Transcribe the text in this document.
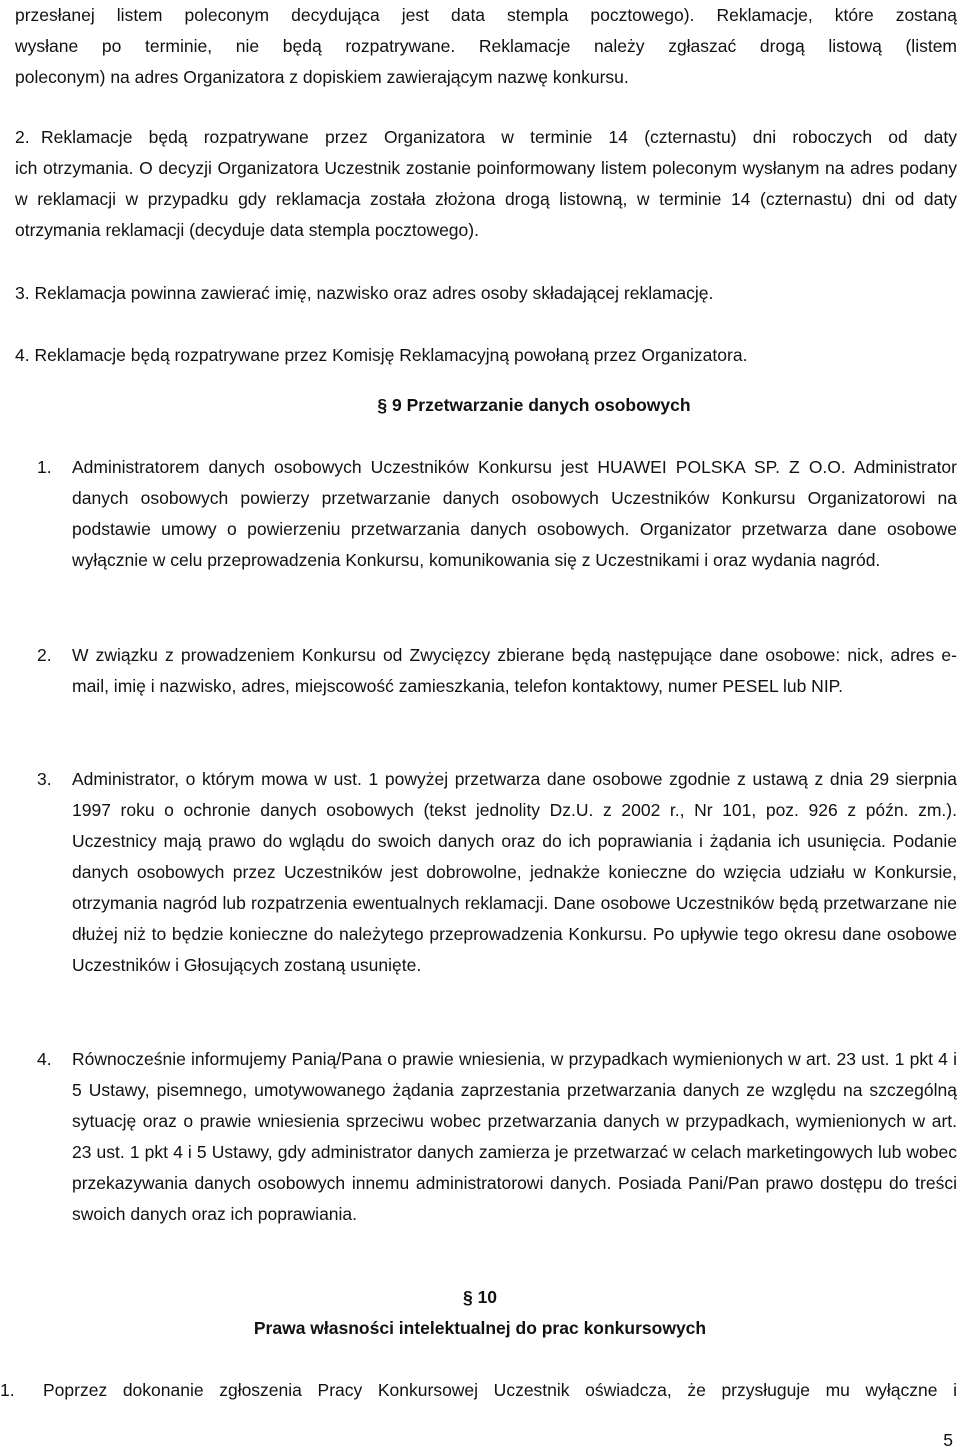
przesłanej listem poleconym decydująca jest data stempla pocztowego). Reklamacje, które zostaną

wysłane po terminie, nie będą rozpatrywane. Reklamacje należy zgłaszać drogą listową (listem

poleconym) na adres Organizatora z dopiskiem zawierającym nazwę konkursu.

2. Reklamacje będą rozpatrywane przez Organizatora w terminie 14 (czternastu) dni roboczych od daty

ich otrzymania. O decyzji Organizatora Uczestnik zostanie poinformowany listem poleconym wysłanym na adres podany w reklamacji w przypadku gdy reklamacja została złożona drogą listowną, w terminie 14 (czternastu) dni od daty otrzymania reklamacji (decyduje data stempla pocztowego).

3. Reklamacja powinna zawierać imię, nazwisko oraz adres osoby składającej reklamację.

4. Reklamacje będą rozpatrywane przez Komisję Reklamacyjną powołaną przez Organizatora.

§ 9 Przetwarzanie danych osobowych

1. Administratorem danych osobowych Uczestników Konkursu jest HUAWEI POLSKA SP. Z O.O. Administrator danych osobowych powierzy przetwarzanie danych osobowych Uczestników Konkursu Organizatorowi na podstawie umowy o powierzeniu przetwarzania danych osobowych. Organizator przetwarza dane osobowe wyłącznie w celu przeprowadzenia Konkursu, komunikowania się z Uczestnikami i oraz wydania nagród.

2. W związku z prowadzeniem Konkursu od Zwycięzcy zbierane będą następujące dane osobowe: nick, adres e-mail, imię i nazwisko, adres, miejscowość zamieszkania, telefon kontaktowy, numer PESEL lub NIP.

3. Administrator, o którym mowa w ust. 1 powyżej przetwarza dane osobowe zgodnie z ustawą z dnia 29 sierpnia 1997 roku o ochronie danych osobowych (tekst jednolity Dz.U. z 2002 r., Nr 101, poz. 926 z późn. zm.). Uczestnicy mają prawo do wglądu do swoich danych oraz do ich poprawiania i żądania ich usunięcia. Podanie danych osobowych przez Uczestników jest dobrowolne, jednakże konieczne do wzięcia udziału w Konkursie, otrzymania nagród lub rozpatrzenia ewentualnych reklamacji. Dane osobowe Uczestników będą przetwarzane nie dłużej niż to będzie konieczne do należytego przeprowadzenia Konkursu. Po upływie tego okresu dane osobowe Uczestników i Głosujących zostaną usunięte.

4. Równocześnie informujemy Panią/Pana o prawie wniesienia, w przypadkach wymienionych w art. 23 ust. 1 pkt 4 i 5 Ustawy, pisemnego, umotywowanego żądania zaprzestania przetwarzania danych ze względu na szczególną sytuację oraz o prawie wniesienia sprzeciwu wobec przetwarzania danych w przypadkach, wymienionych w art. 23 ust. 1 pkt 4 i 5 Ustawy, gdy administrator danych zamierza je przetwarzać w celach marketingowych lub wobec przekazywania danych osobowych innemu administratorowi danych. Posiada Pani/Pan prawo dostępu do treści swoich danych oraz ich poprawiania.

§ 10

Prawa własności intelektualnej do prac konkursowych

1. Poprzez dokonanie zgłoszenia Pracy Konkursowej Uczestnik oświadcza, że przysługuje mu wyłączne i

5
